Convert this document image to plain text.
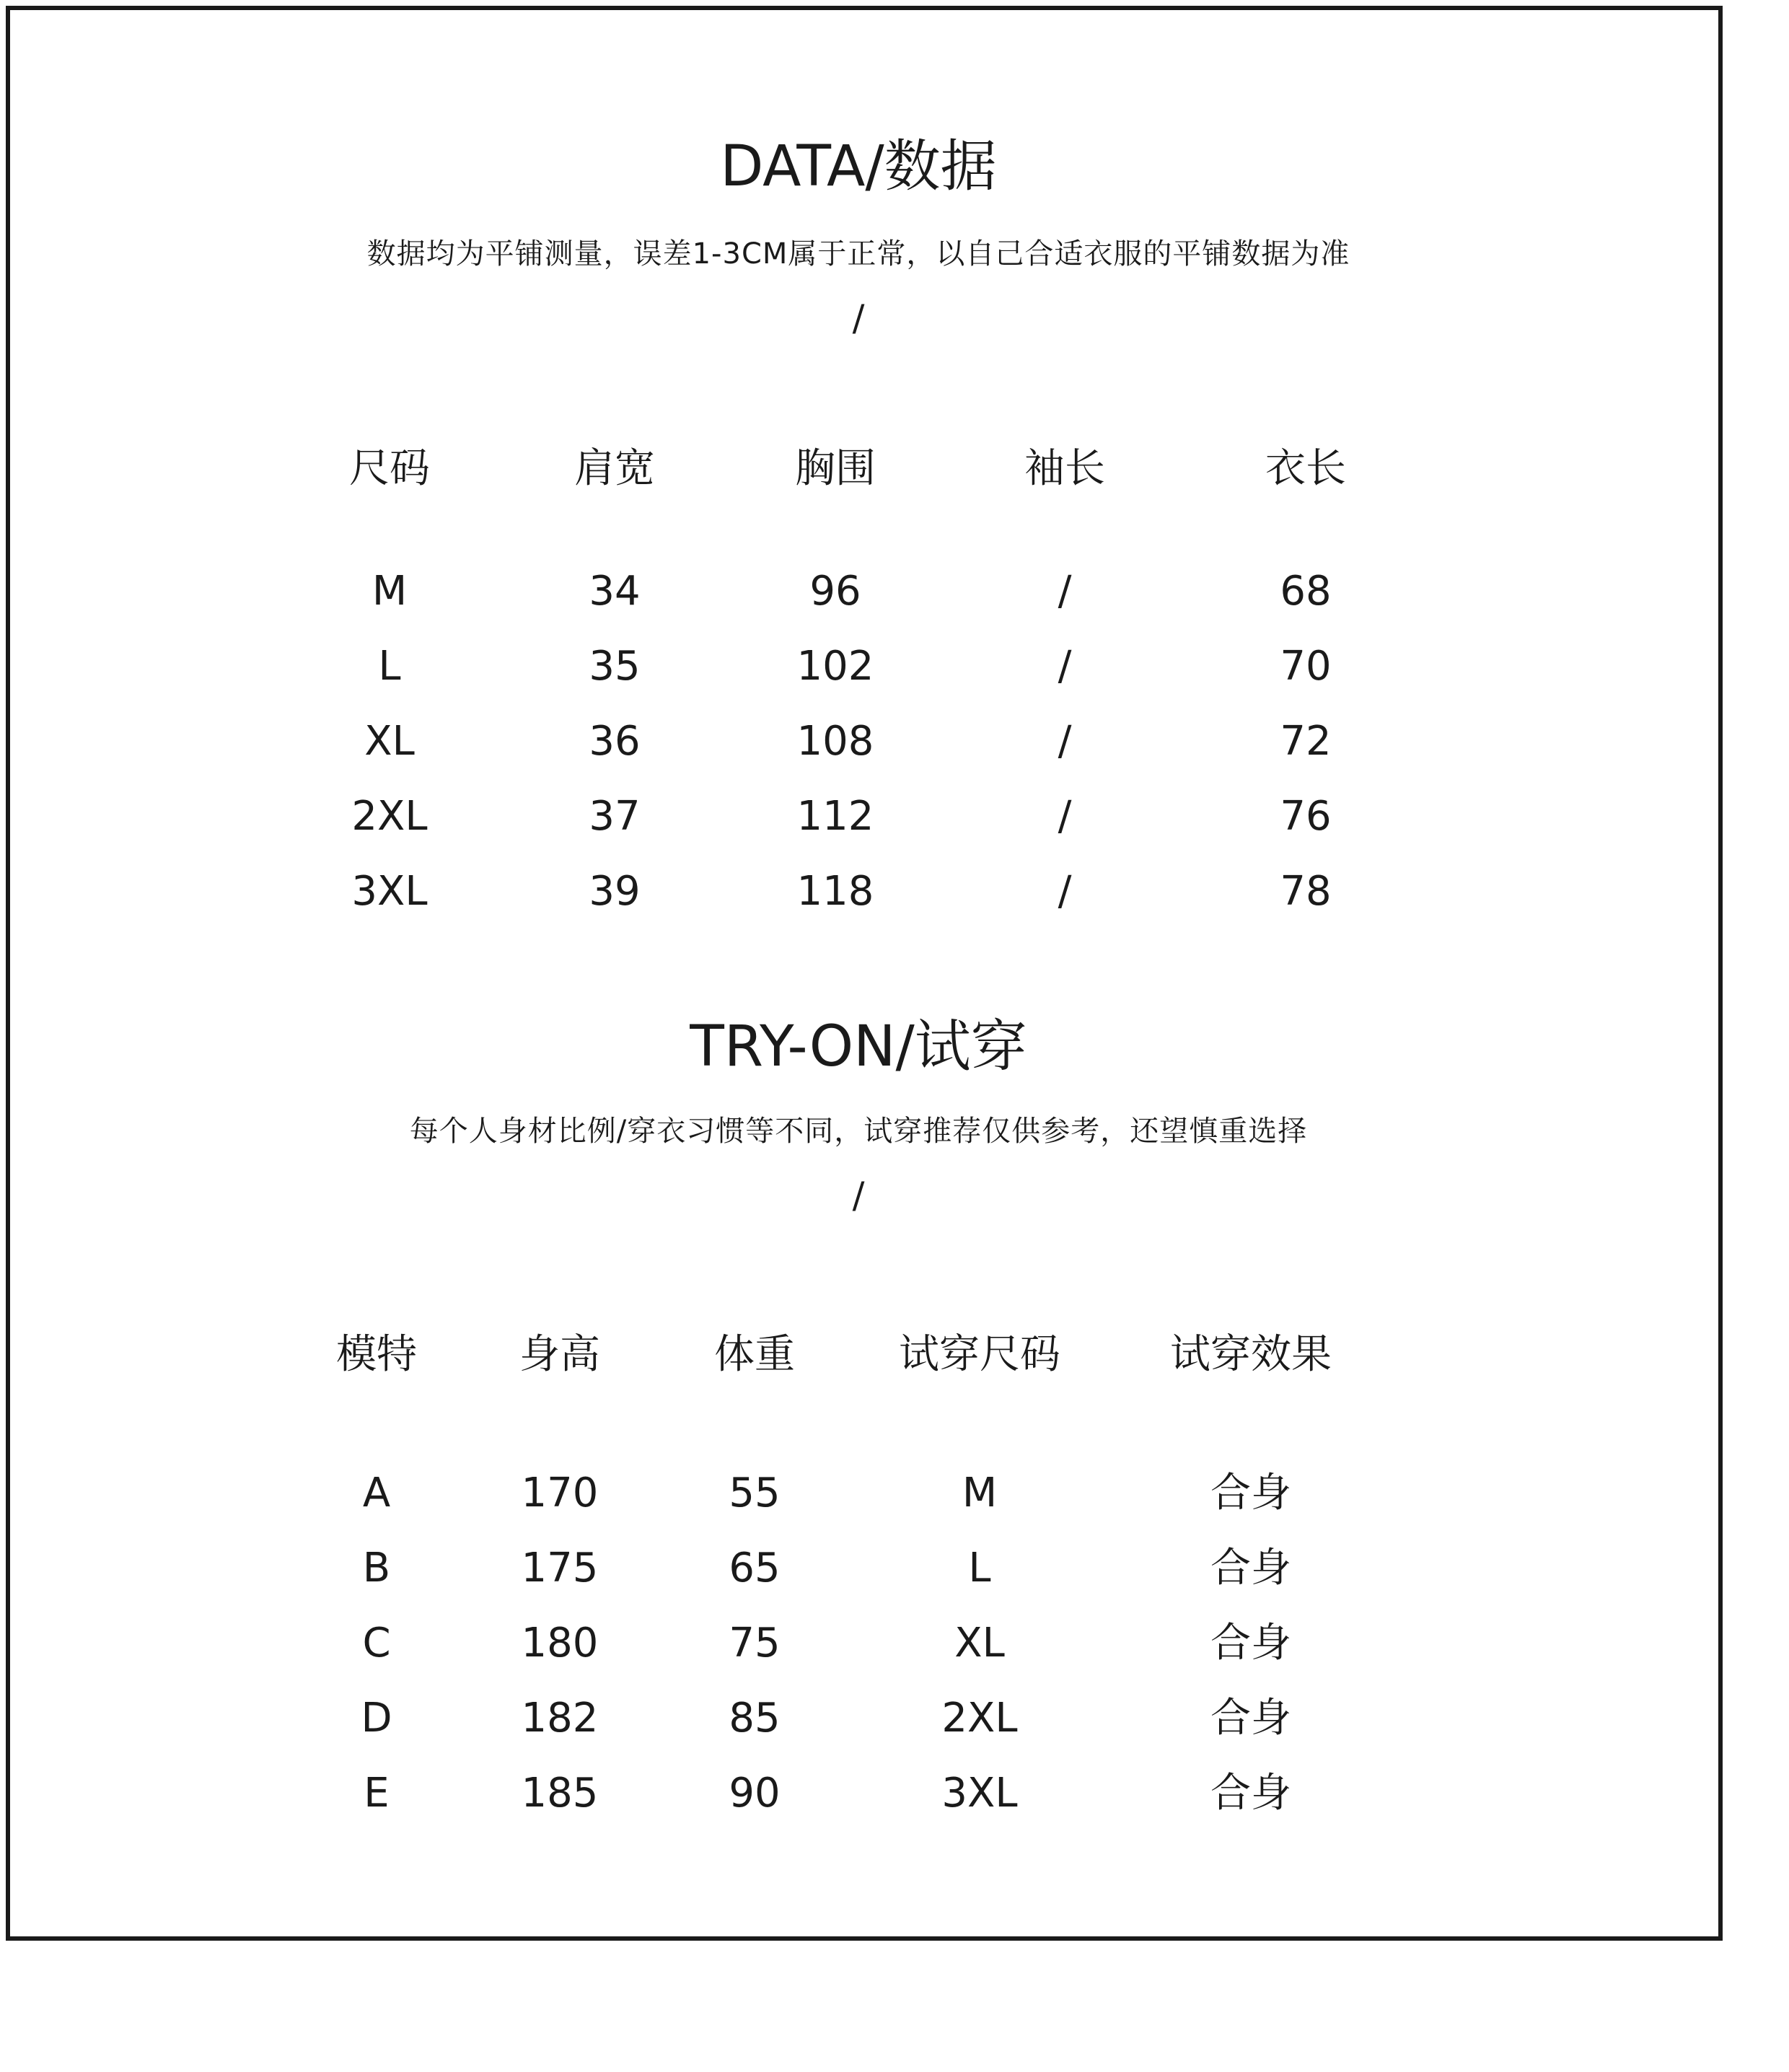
DATA/数据
数据均为平铺测量，误差1-3CM属于正常，以自己合适衣服的平铺数据为准
/
尺码	肩宽	胸围	袖长	衣长
M	34	96	/	68
L	35	102	/	70
XL	36	108	/	72
2XL	37	112	/	76
3XL	39	118	/	78
TRY-ON/试穿
每个人身材比例/穿衣习惯等不同，试穿推荐仅供参考，还望慎重选择
/
模特	身高	体重	试穿尺码	试穿效果
A	170	55	M	合身
B	175	65	L	合身
C	180	75	XL	合身
D	182	85	2XL	合身
E	185	90	3XL	合身
